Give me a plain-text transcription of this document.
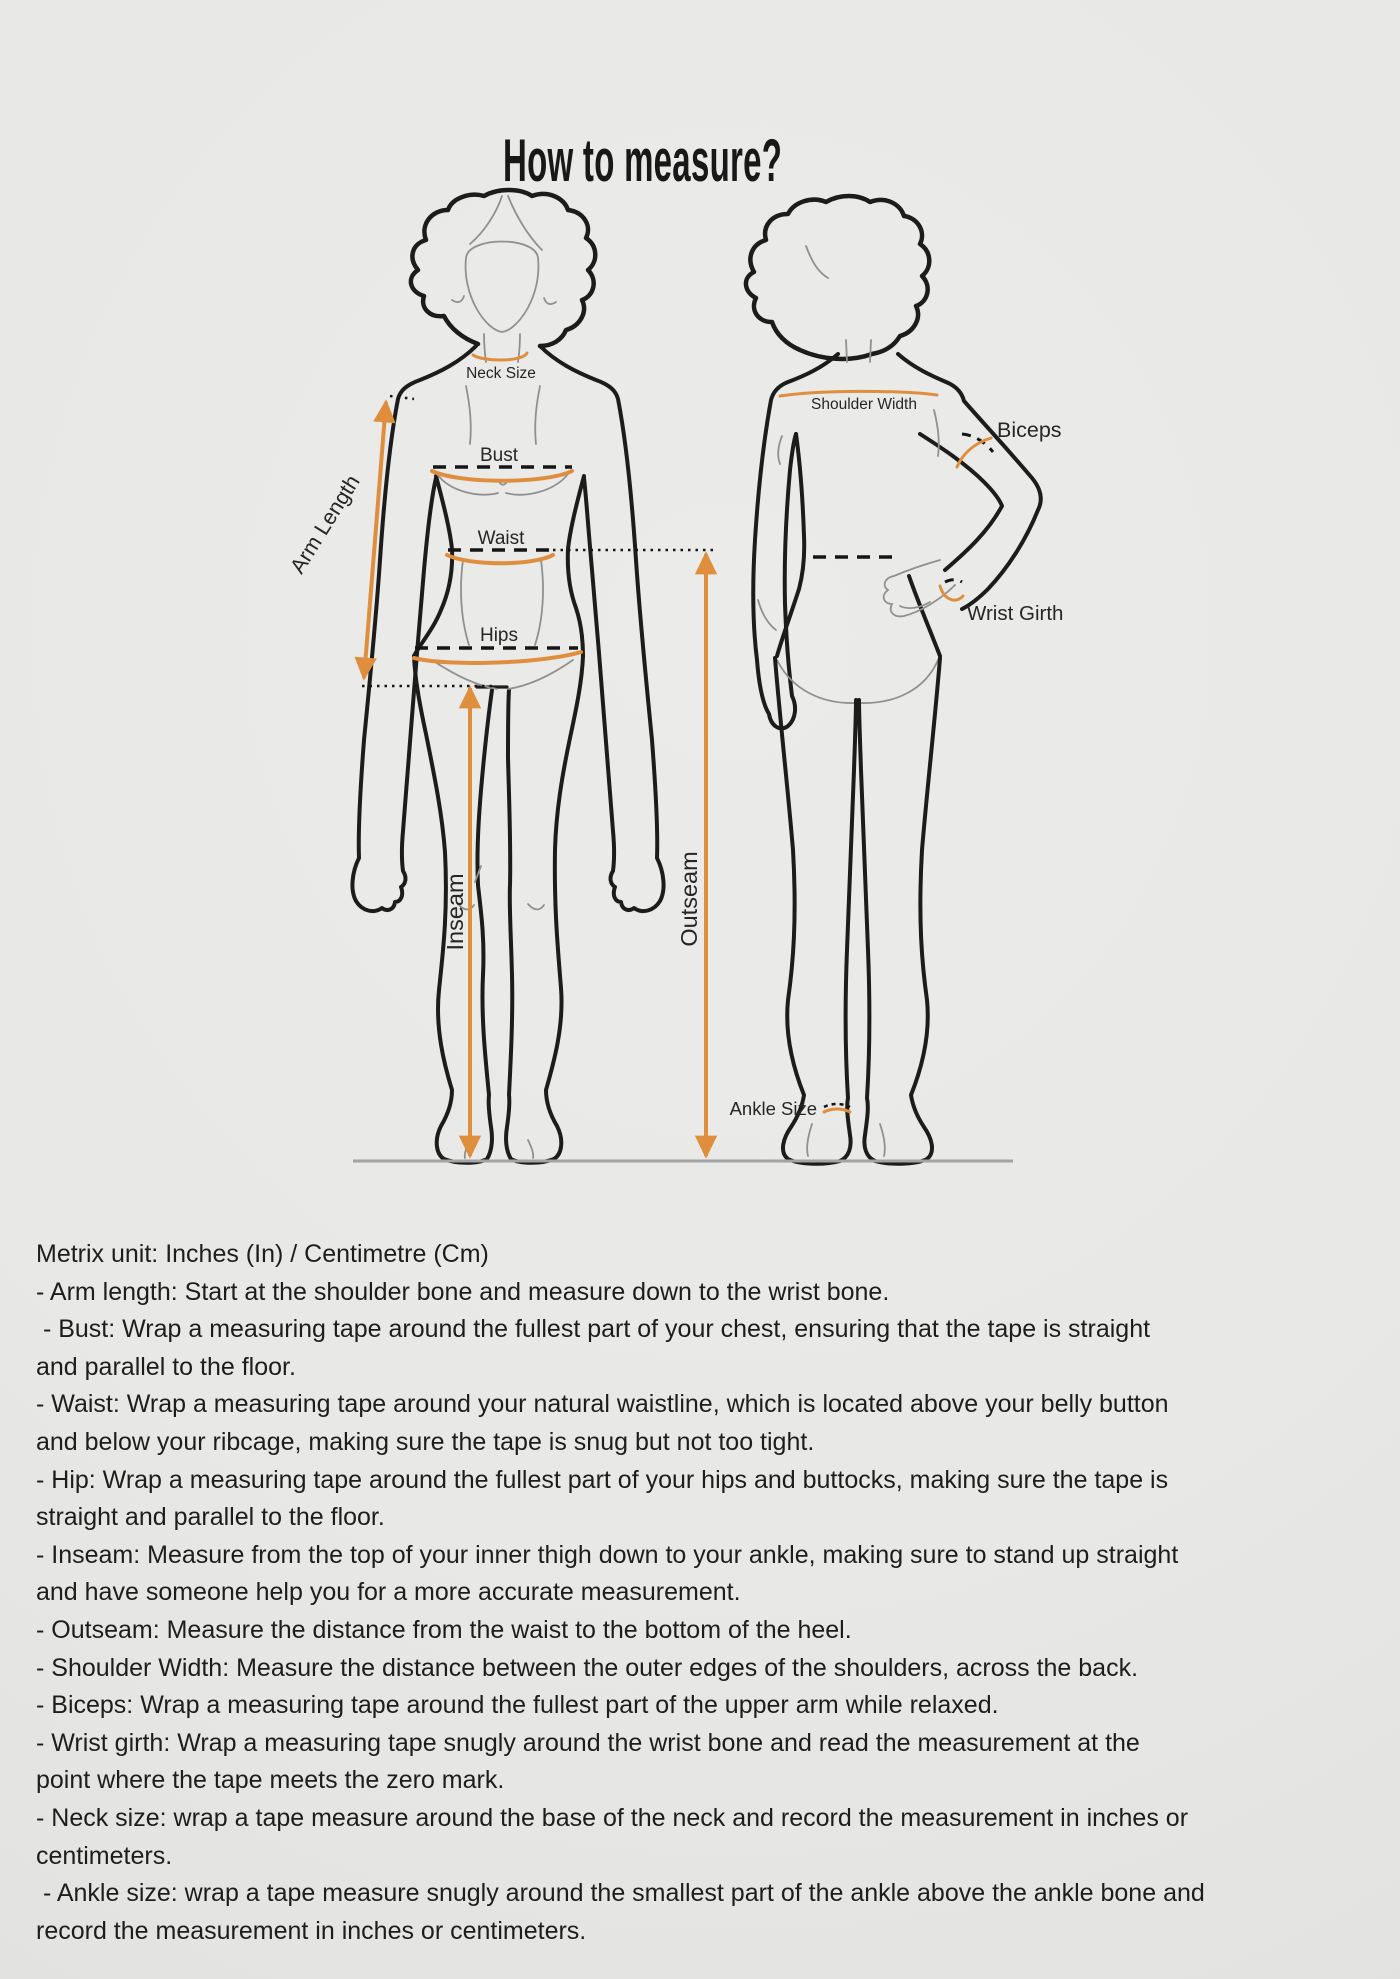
How to measure?
Neck Size
Bust
Waist
Hips
Arm Length
Inseam	Outseam
Shoulder Width
Biceps
Wrist Girth
Ankle Size
Metrix unit: Inches (In) / Centimetre (Cm)
- Arm length: Start at the shoulder bone and measure down to the wrist bone.
- Bust: Wrap a measuring tape around the fullest part of your chest, ensuring that the tape is straight
and parallel to the floor.
- Waist: Wrap a measuring tape around your natural waistline, which is located above your belly button
and below your ribcage, making sure the tape is snug but not too tight.
- Hip: Wrap a measuring tape around the fullest part of your hips and buttocks, making sure the tape is
straight and parallel to the floor.
- Inseam: Measure from the top of your inner thigh down to your ankle, making sure to stand up straight
and have someone help you for a more accurate measurement.
- Outseam: Measure the distance from the waist to the bottom of the heel.
- Shoulder Width: Measure the distance between the outer edges of the shoulders, across the back.
- Biceps: Wrap a measuring tape around the fullest part of the upper arm while relaxed.
- Wrist girth: Wrap a measuring tape snugly around the wrist bone and read the measurement at the
point where the tape meets the zero mark.
- Neck size: wrap a tape measure around the base of the neck and record the measurement in inches or
centimeters.
- Ankle size: wrap a tape measure snugly around the smallest part of the ankle above the ankle bone and
record the measurement in inches or centimeters.
